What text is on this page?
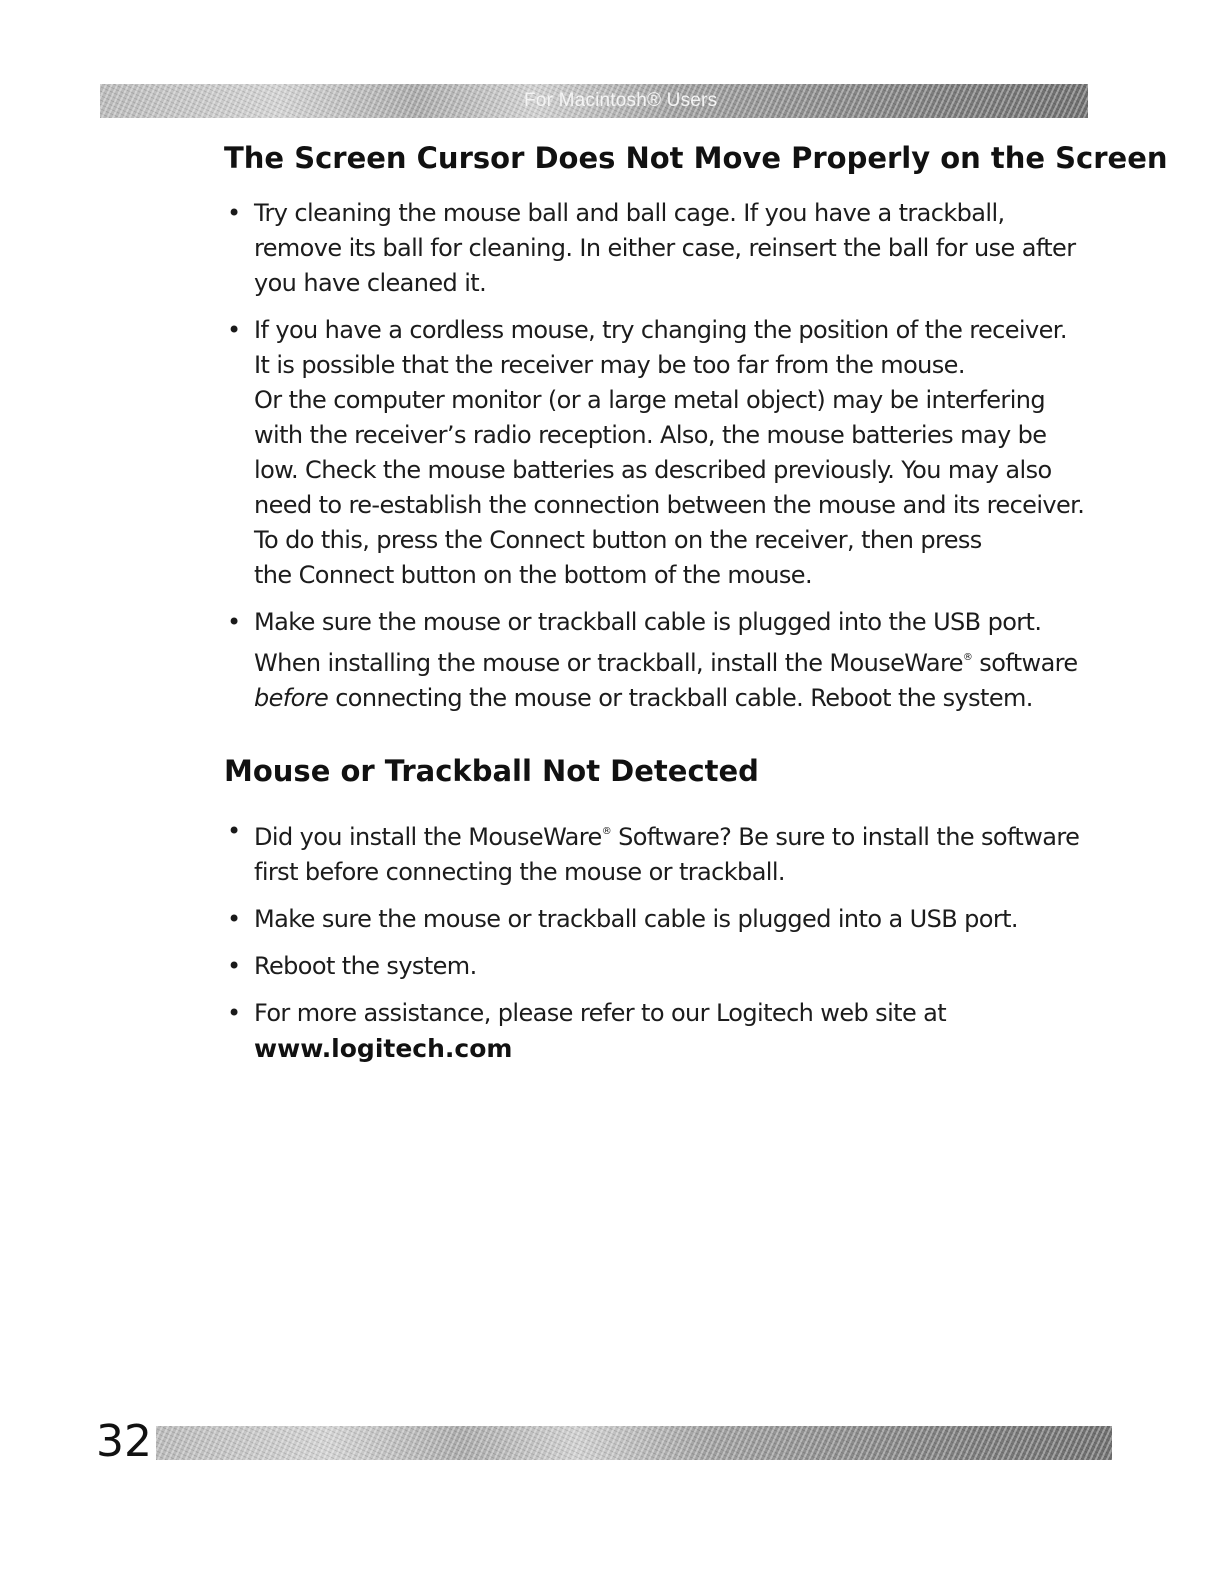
For Macintosh® Users
The Screen Cursor Does Not Move Properly on the Screen
• Try cleaning the mouse ball and ball cage. If you have a trackball,
remove its ball for cleaning. In either case, reinsert the ball for use after
you have cleaned it.
• If you have a cordless mouse, try changing the position of the receiver.
It is possible that the receiver may be too far from the mouse.
Or the computer monitor (or a large metal object) may be interfering
with the receiver’s radio reception. Also, the mouse batteries may be
low. Check the mouse batteries as described previously. You may also
need to re-establish the connection between the mouse and its receiver.
To do this, press the Connect button on the receiver, then press
the Connect button on the bottom of the mouse.
• Make sure the mouse or trackball cable is plugged into the USB port.
When installing the mouse or trackball, install the MouseWare® software
before connecting the mouse or trackball cable. Reboot the system.
Mouse or Trackball Not Detected
• Did you install the MouseWare® Software? Be sure to install the software
first before connecting the mouse or trackball.
• Make sure the mouse or trackball cable is plugged into a USB port.
• Reboot the system.
• For more assistance, please refer to our Logitech web site at
www.logitech.com
32
